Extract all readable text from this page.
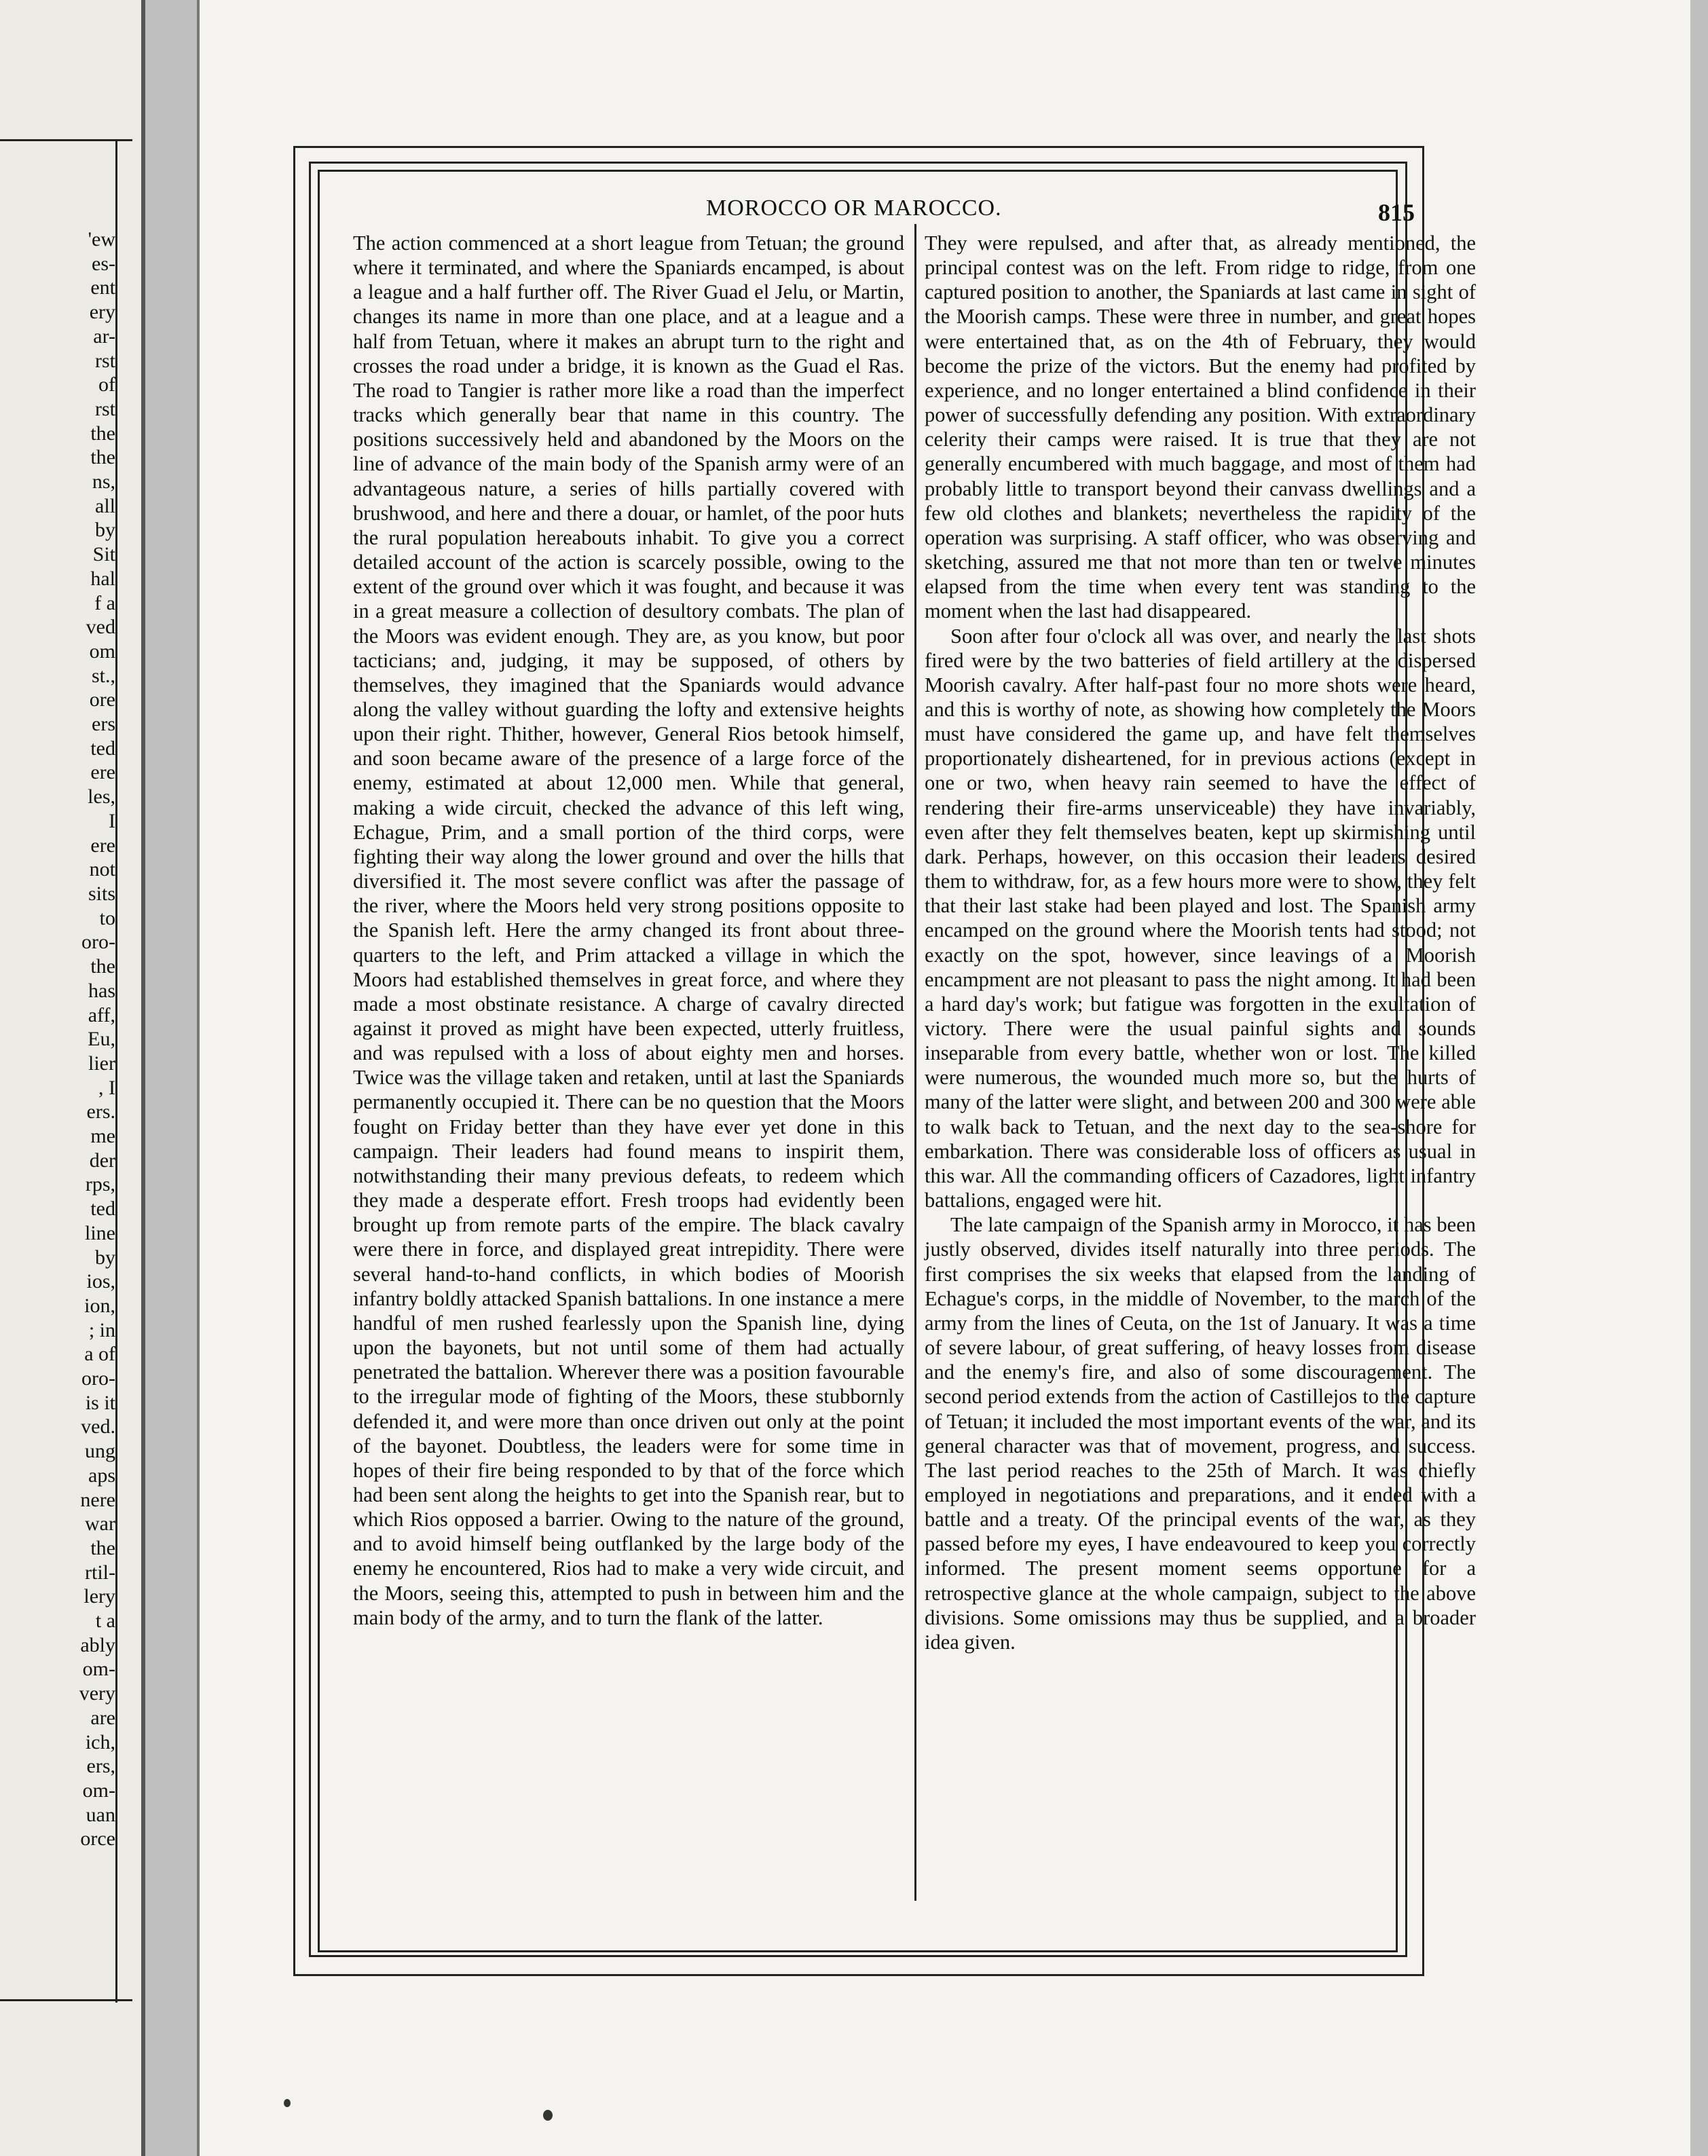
'ew
es-
ent
ery
ar-
rst
of
rst
the
the
ns,
all
by
Sit
hal
f a
ved
om
st.,
ore
ers
ted
ere
les,
I
ere
not
sits
to
oro-
the
has
aff,
Eu,
lier
, I
ers.
me
der
rps,
ted
line
by
ios,
ion,
; in
a of
oro-
is it
ved.
ung
aps
nere
war
the
rtil-
lery
t a
ably
om-
very
are
ich,
ers,
om-
uan
orce
MOROCCO OR MAROCCO.	815

The action commenced at a short league from Tetuan; the ground where it terminated, and where the Spaniards encamped, is about a league and a half further off. The River Guad el Jelu, or Martin, changes its name in more than one place, and at a league and a half from Tetuan, where it makes an abrupt turn to the right and crosses the road under a bridge, it is known as the Guad el Ras. The road to Tangier is rather more like a road than the imperfect tracks which generally bear that name in this country. The positions successively held and abandoned by the Moors on the line of advance of the main body of the Spanish army were of an advantageous nature, a series of hills partially covered with brushwood, and here and there a douar, or hamlet, of the poor huts the rural population hereabouts inhabit. To give you a correct detailed account of the action is scarcely possible, owing to the extent of the ground over which it was fought, and because it was in a great measure a collection of desultory combats. The plan of the Moors was evident enough. They are, as you know, but poor tacticians; and, judging, it may be supposed, of others by themselves, they imagined that the Spaniards would advance along the valley without guarding the lofty and extensive heights upon their right. Thither, however, General Rios betook himself, and soon became aware of the presence of a large force of the enemy, estimated at about 12,000 men. While that general, making a wide circuit, checked the advance of this left wing, Echague, Prim, and a small portion of the third corps, were fighting their way along the lower ground and over the hills that diversified it. The most severe conflict was after the passage of the river, where the Moors held very strong positions opposite to the Spanish left. Here the army changed its front about three-quarters to the left, and Prim attacked a village in which the Moors had established themselves in great force, and where they made a most obstinate resistance. A charge of cavalry directed against it proved as might have been expected, utterly fruitless, and was repulsed with a loss of about eighty men and horses. Twice was the village taken and retaken, until at last the Spaniards permanently occupied it. There can be no question that the Moors fought on Friday better than they have ever yet done in this campaign. Their leaders had found means to inspirit them, notwithstanding their many previous defeats, to redeem which they made a desperate effort. Fresh troops had evidently been brought up from remote parts of the empire. The black cavalry were there in force, and displayed great intrepidity. There were several hand-to-hand conflicts, in which bodies of Moorish infantry boldly attacked Spanish battalions. In one instance a mere handful of men rushed fearlessly upon the Spanish line, dying upon the bayonets, but not until some of them had actually penetrated the battalion. Wherever there was a position favourable to the irregular mode of fighting of the Moors, these stubbornly defended it, and were more than once driven out only at the point of the bayonet. Doubtless, the leaders were for some time in hopes of their fire being responded to by that of the force which had been sent along the heights to get into the Spanish rear, but to which Rios opposed a barrier. Owing to the nature of the ground, and to avoid himself being outflanked by the large body of the enemy he encountered, Rios had to make a very wide circuit, and the Moors, seeing this, attempted to push in between him and the main body of the army, and to turn the flank of the latter.

They were repulsed, and after that, as already mentioned, the principal contest was on the left. From ridge to ridge, from one captured position to another, the Spaniards at last came in sight of the Moorish camps. These were three in number, and great hopes were entertained that, as on the 4th of February, they would become the prize of the victors. But the enemy had profited by experience, and no longer entertained a blind confidence in their power of successfully defending any position. With extraordinary celerity their camps were raised. It is true that they are not generally encumbered with much baggage, and most of them had probably little to transport beyond their canvass dwellings and a few old clothes and blankets; nevertheless the rapidity of the operation was surprising. A staff officer, who was observing and sketching, assured me that not more than ten or twelve minutes elapsed from the time when every tent was standing to the moment when the last had disappeared.

Soon after four o'clock all was over, and nearly the last shots fired were by the two batteries of field artillery at the dispersed Moorish cavalry. After half-past four no more shots were heard, and this is worthy of note, as showing how completely the Moors must have considered the game up, and have felt themselves proportionately disheartened, for in previous actions (except in one or two, when heavy rain seemed to have the effect of rendering their fire-arms unserviceable) they have invariably, even after they felt themselves beaten, kept up skirmishing until dark. Perhaps, however, on this occasion their leaders desired them to withdraw, for, as a few hours more were to show, they felt that their last stake had been played and lost. The Spanish army encamped on the ground where the Moorish tents had stood; not exactly on the spot, however, since leavings of a Moorish encampment are not pleasant to pass the night among. It had been a hard day's work; but fatigue was forgotten in the exultation of victory. There were the usual painful sights and sounds inseparable from every battle, whether won or lost. The killed were numerous, the wounded much more so, but the hurts of many of the latter were slight, and between 200 and 300 were able to walk back to Tetuan, and the next day to the sea-shore for embarkation. There was considerable loss of officers as usual in this war. All the commanding officers of Cazadores, light infantry battalions, engaged were hit.

The late campaign of the Spanish army in Morocco, it has been justly observed, divides itself naturally into three periods. The first comprises the six weeks that elapsed from the landing of Echague's corps, in the middle of November, to the march of the army from the lines of Ceuta, on the 1st of January. It was a time of severe labour, of great suffering, of heavy losses from disease and the enemy's fire, and also of some discouragement. The second period extends from the action of Castillejos to the capture of Tetuan; it included the most important events of the war, and its general character was that of movement, progress, and success. The last period reaches to the 25th of March. It was chiefly employed in negotiations and preparations, and it ended with a battle and a treaty. Of the principal events of the war, as they passed before my eyes, I have endeavoured to keep you correctly informed. The present moment seems opportune for a retrospective glance at the whole campaign, subject to the above divisions. Some omissions may thus be supplied, and a broader idea given.
